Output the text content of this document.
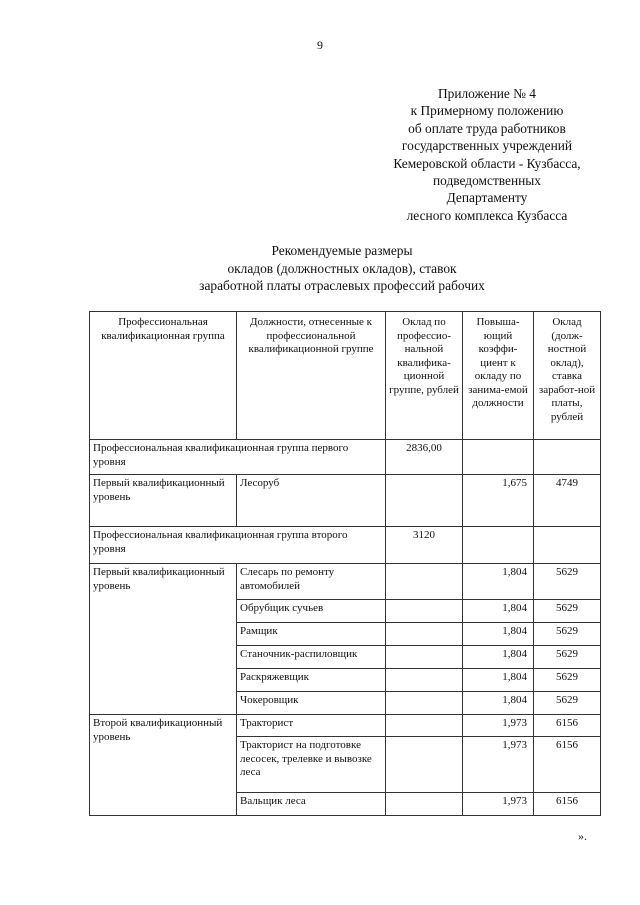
9
Приложение № 4
к Примерному положению
об оплате труда работников
государственных учреждений
Кемеровской области - Кузбасса,
подведомственных
Департаменту
лесного комплекса Кузбасса
Рекомендуемые размеры
окладов (должностных окладов), ставок
заработной платы отраслевых профессий рабочих
Профессиональная квалификационная группа	Должности, отнесенные к профессиональной квалификационной группе	Оклад по профессио-нальной квалифика-ционной группе, рублей	Повыша-ющий коэффи-циент к окладу по занима-емой должности	Оклад (долж-ностной оклад), ставка заработ-ной платы, рублей
Профессиональная квалификационная группа первого уровня		2836,00		
Первый квалификационный уровень	Лесоруб		1,675	4749
Профессиональная квалификационная группа второго уровня		3120		
Первый квалификационный уровень	Слесарь по ремонту автомобилей		1,804	5629
	Обрубщик сучьев		1,804	5629
	Рамщик		1,804	5629
	Станочник-распиловщик		1,804	5629
	Раскряжевщик		1,804	5629
	Чокеровщик		1,804	5629
Второй квалификационный уровень	Тракторист		1,973	6156
	Тракторист на подготовке лесосек, трелевке и вывозке леса		1,973	6156
	Вальщик леса		1,973	6156
».
